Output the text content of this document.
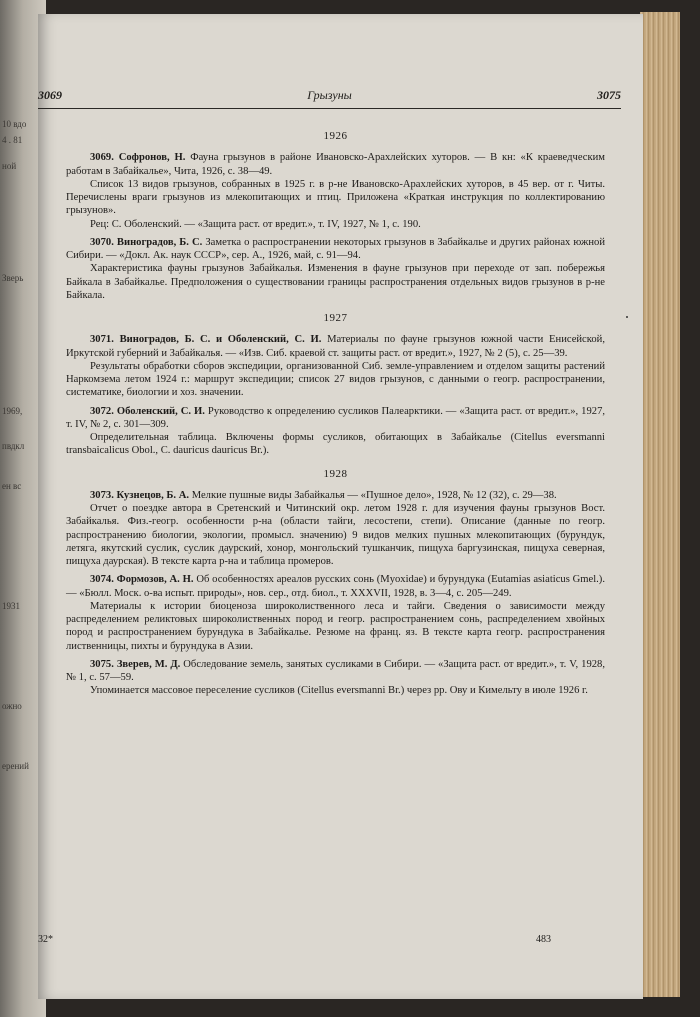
10 вдо
4 . 81
ной
Зверь
1969,
пвдкл
ен вс
1931
ожно
ерений
3069	Грызуны	3075
1926

3069. Софронов, Н. Фауна грызунов в районе Ивановско-Арахлейских хуторов. — В кн: «К краеведческим работам в Забайкалье», Чита, 1926, с. 38—49.

Список 13 видов грызунов, собранных в 1925 г. в р-не Ивановско-Арахлейских хуторов, в 45 вер. от г. Читы. Перечислены враги грызунов из млекопитающих и птиц. Приложена «Краткая инструкция по коллектированию грызунов».

Рец: С. Оболенский. — «Защита раст. от вредит.», т. IV, 1927, № 1, с. 190.

3070. Виноградов, Б. С. Заметка о распространении некоторых грызунов в Забайкалье и других районах южной Сибири. — «Докл. Ак. наук СССР», сер. А., 1926, май, с. 91—94.

Характеристика фауны грызунов Забайкалья. Изменения в фауне грызунов при переходе от зап. побережья Байкала в Забайкалье. Предположения о существовании границы распространения отдельных видов грызунов в р-не Байкала.

1927

3071. Виноградов, Б. С. и Оболенский, С. И. Материалы по фауне грызунов южной части Енисейской, Иркутской губерний и Забайкалья. — «Изв. Сиб. краевой ст. защиты раст. от вредит.», 1927, № 2 (5), с. 25—39.

Результаты обработки сборов экспедиции, организованной Сиб. земле-управлением и отделом защиты растений Наркомзема летом 1924 г.: маршрут экспедиции; список 27 видов грызунов, с данными о геогр. распространении, систематике, биологии и хоз. значении.

3072. Оболенский, С. И. Руководство к определению сусликов Палеарктики. — «Защита раст. от вредит.», 1927, т. IV, № 2, с. 301—309.

Определительная таблица. Включены формы сусликов, обитающих в Забайкалье (Citellus eversmanni transbaicalicus Obol., C. dauricus dauricus Br.).

1928

3073. Кузнецов, Б. А. Мелкие пушные виды Забайкалья — «Пушное дело», 1928, № 12 (32), с. 29—38.

Отчет о поездке автора в Сретенский и Читинский окр. летом 1928 г. для изучения фауны грызунов Вост. Забайкалья. Физ.-геогр. особенности р-на (области тайги, лесостепи, степи). Описание (данные по геогр. распространению биологии, экологии, промысл. значению) 9 видов мелких пушных млекопитающих (бурундук, летяга, якутский суслик, суслик даурский, хонор, монгольский тушканчик, пищуха баргузинская, пищуха северная, пищуха даурская). В тексте карта р-на и таблица промеров.

3074. Формозов, А. Н. Об особенностях ареалов русских сонь (Myoxidae) и бурундука (Eutamias asiaticus Gmel.). — «Бюлл. Моск. о-ва испыт. природы», нов. сер., отд. биол., т. XXXVII, 1928, в. 3—4, с. 205—249.

Материалы к истории биоценоза широколиственного леса и тайги. Сведения о зависимости между распределением реликтовых широколиственных пород и геогр. распространением сонь, распределением хвойных пород и распространением бурундука в Забайкалье. Резюме на франц. яз. В тексте карта геогр. распространения лиственницы, пихты и бурундука в Азии.

3075. Зверев, М. Д. Обследование земель, занятых сусликами в Сибири. — «Защита раст. от вредит.», т. V, 1928, № 1, с. 57—59.

Упоминается массовое переселение сусликов (Citellus eversmanni Br.) через рр. Ову и Кимельту в июле 1926 г.

32*	483
